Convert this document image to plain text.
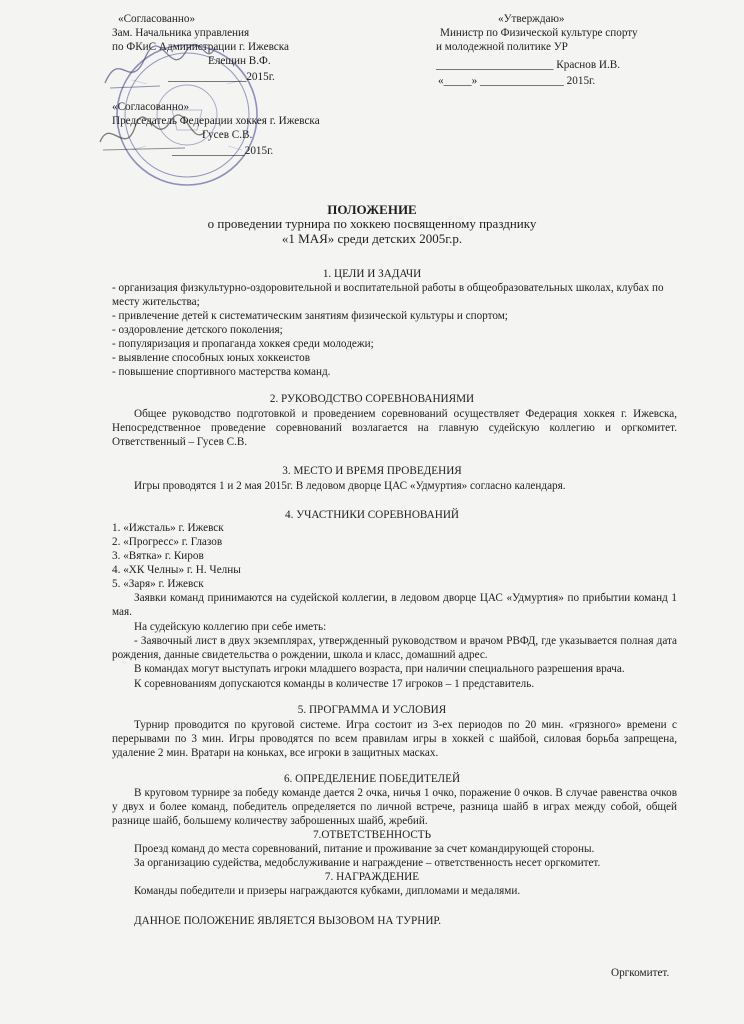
«Согласованно»
Зам. Начальника управления
по ФКиС Администрации г. Ижевска
Елещин В.Ф.
______________2015г.
«Согласованно»
Председатель Федерации хоккея г. Ижевска
Гусев С.В.
_____________2015г.
«Утверждаю»
Министр по Физической культуре спорту
и молодежной политике УР
_____________________ Краснов И.В.
«_____» _______________ 2015г.
ПОЛОЖЕНИЕ
о проведении турнира по хоккею посвященному празднику
«1 МАЯ» среди детских 2005г.р.
1. ЦЕЛИ И ЗАДАЧИ
- организация физкультурно-оздоровительной и воспитательной работы в общеобразовательных школах, клубах по месту жительства;
- привлечение детей к систематическим занятиям физической культуры и спортом;
- оздоровление детского поколения;
- популяризация и пропаганда хоккея среди молодежи;
- выявление способных юных хоккеистов
- повышение спортивного мастерства команд.
2. РУКОВОДСТВО СОРЕВНОВАНИЯМИ
Общее руководство подготовкой и проведением соревнований осуществляет Федерация хоккея г. Ижевска, Непосредственное проведение соревнований возлагается на главную судейскую коллегию и оргкомитет. Ответственный – Гусев С.В.
3. МЕСТО И ВРЕМЯ ПРОВЕДЕНИЯ
Игры проводятся 1 и 2 мая 2015г. В ледовом дворце ЦАС «Удмуртия» согласно календаря.
4. УЧАСТНИКИ СОРЕВНОВАНИЙ
1. «Ижсталь» г. Ижевск
2. «Прогресс» г. Глазов
3. «Вятка» г. Киров
4. «ХК Челны» г. Н. Челны
5. «Заря» г. Ижевск
Заявки команд принимаются на судейской коллегии, в ледовом дворце ЦАС «Удмуртия» по прибытии команд 1 мая.
На судейскую коллегию при себе иметь:
- Заявочный лист в двух экземплярах, утвержденный руководством и врачом РВФД, где указывается полная дата рождения, данные свидетельства о рождении, школа и класс, домашний адрес.
В командах могут выступать игроки младшего возраста, при наличии специального разрешения врача.
К соревнованиям допускаются команды в количестве 17 игроков – 1 представитель.
5. ПРОГРАММА И УСЛОВИЯ
Турнир проводится по круговой системе. Игра состоит из 3-ех периодов по 20 мин. «грязного» времени с перерывами по 3 мин. Игры проводятся по всем правилам игры в хоккей с шайбой, силовая борьба запрещена, удаление 2 мин. Вратари на коньках, все игроки в защитных масках.
6. ОПРЕДЕЛЕНИЕ ПОБЕДИТЕЛЕЙ
В круговом турнире за победу команде дается 2 очка, ничья 1 очко, поражение 0 очков. В случае равенства очков у двух и более команд, победитель определяется по личной встрече, разница шайб в играх между собой, общей разнице шайб, большему количеству заброшенных шайб, жребий.
7.ОТВЕТСТВЕННОСТЬ
Проезд команд до места соревнований, питание и проживание за счет командирующей стороны.
За организацию судейства, медобслуживание и награждение – ответственность несет оргкомитет.
7. НАГРАЖДЕНИЕ
Команды победители и призеры награждаются кубками, дипломами и медалями.
ДАННОЕ ПОЛОЖЕНИЕ ЯВЛЯЕТСЯ ВЫЗОВОМ НА ТУРНИР.
Оргкомитет.
